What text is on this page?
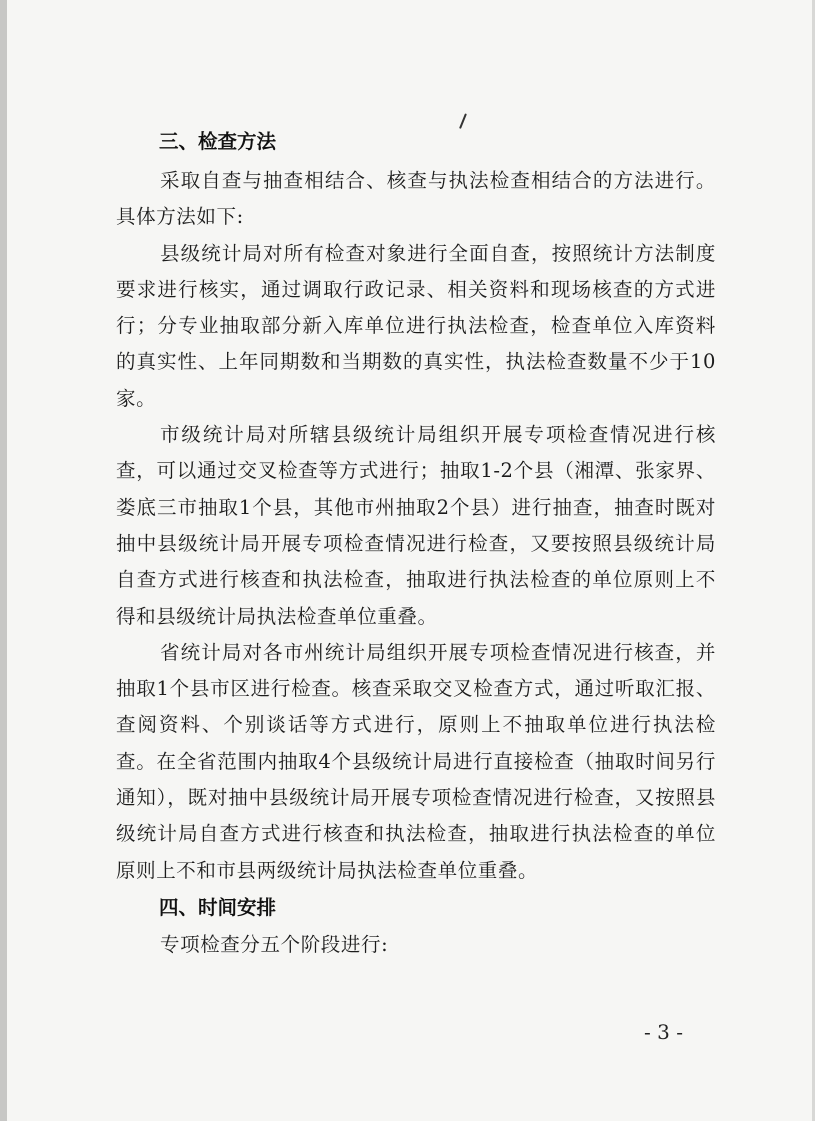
三、检查方法

采取自查与抽查相结合、核查与执法检查相结合的方法进行。具体方法如下:

县级统计局对所有检查对象进行全面自查，按照统计方法制度要求进行核实，通过调取行政记录、相关资料和现场核查的方式进行；分专业抽取部分新入库单位进行执法检查，检查单位入库资料的真实性、上年同期数和当期数的真实性，执法检查数量不少于10家。

市级统计局对所辖县级统计局组织开展专项检查情况进行核查，可以通过交叉检查等方式进行；抽取1-2个县（湘潭、张家界、娄底三市抽取1个县，其他市州抽取2个县）进行抽查，抽查时既对抽中县级统计局开展专项检查情况进行检查，又要按照县级统计局自查方式进行核查和执法检查，抽取进行执法检查的单位原则上不得和县级统计局执法检查单位重叠。

省统计局对各市州统计局组织开展专项检查情况进行核查，并抽取1个县市区进行检查。核查采取交叉检查方式，通过听取汇报、查阅资料、个别谈话等方式进行，原则上不抽取单位进行执法检查。在全省范围内抽取4个县级统计局进行直接检查（抽取时间另行通知），既对抽中县级统计局开展专项检查情况进行检查，又按照县级统计局自查方式进行核查和执法检查，抽取进行执法检查的单位原则上不和市县两级统计局执法检查单位重叠。

四、时间安排

专项检查分五个阶段进行:

- 3 -
